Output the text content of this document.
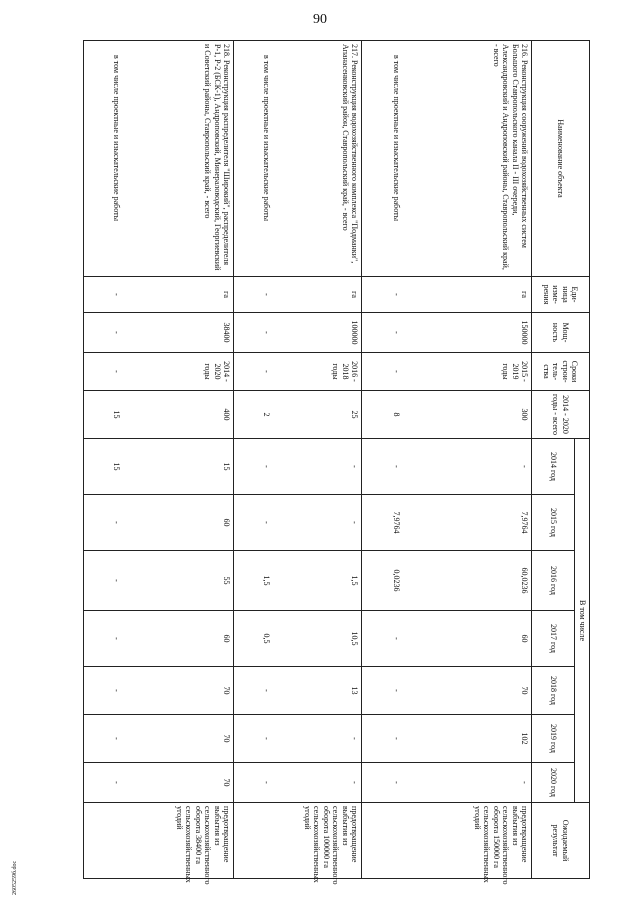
90
Наименование объекта	Еди-ница изме-рения	Мощ-ность	Сроки строи-тель-ства	2014 - 2020 годы - всего	В том числе							Ожидаемый результат
					2014 год	2015 год	2016 год	2017 год	2018 год	2019 год	2020 год	
216. Реконструкция сооружений водохозяйственных систем Большого Ставропольского канала II - III очереди, Александровский и Андроповский районы, Ставропольский край, - всего	га	150000	2015 - 2019 годы	300	-	7,9764	60,0236	60	70	102	-	предотвращение выбытия из сельскохозяйственного оборота 150000 га сельскохозяйственных угодий
в том числе проектные и изыскательские работы	-	-	-	8	-	7,9764	0,0236	-	-	-	-	
217. Реконструкция водохозяйственного комплекса "Подманки", Апанасенковский район, Ставропольский край, - всего	га	100000	2016 - 2018 годы	25	-	-	1,5	10,5	13	-	-	предотвращение выбытия из сельскохозяйственного оборота 100000 га сельскохозяйственных угодий
в том числе проектные и изыскательские работы	-	-	-	2	-	-	1,5	0,5	-	-	-	
218. Реконструкция распределителя "Широкий", распределителя Р-1, Р-2 (БСК-1), Андроповский, Минераловодский, Георгиевский и Советский районы, Ставропольский край, - всего	га	38400	2014 - 2020 годы	400	15	60	55	60	70	70	70	предотвращение выбытия из сельскохозяйственного оборота 38400 га сельскохозяйственных угодий
в том числе проектные и изыскательские работы	-	-	-	15	15	-	-	-	-	-	-	
2605259б.doc
